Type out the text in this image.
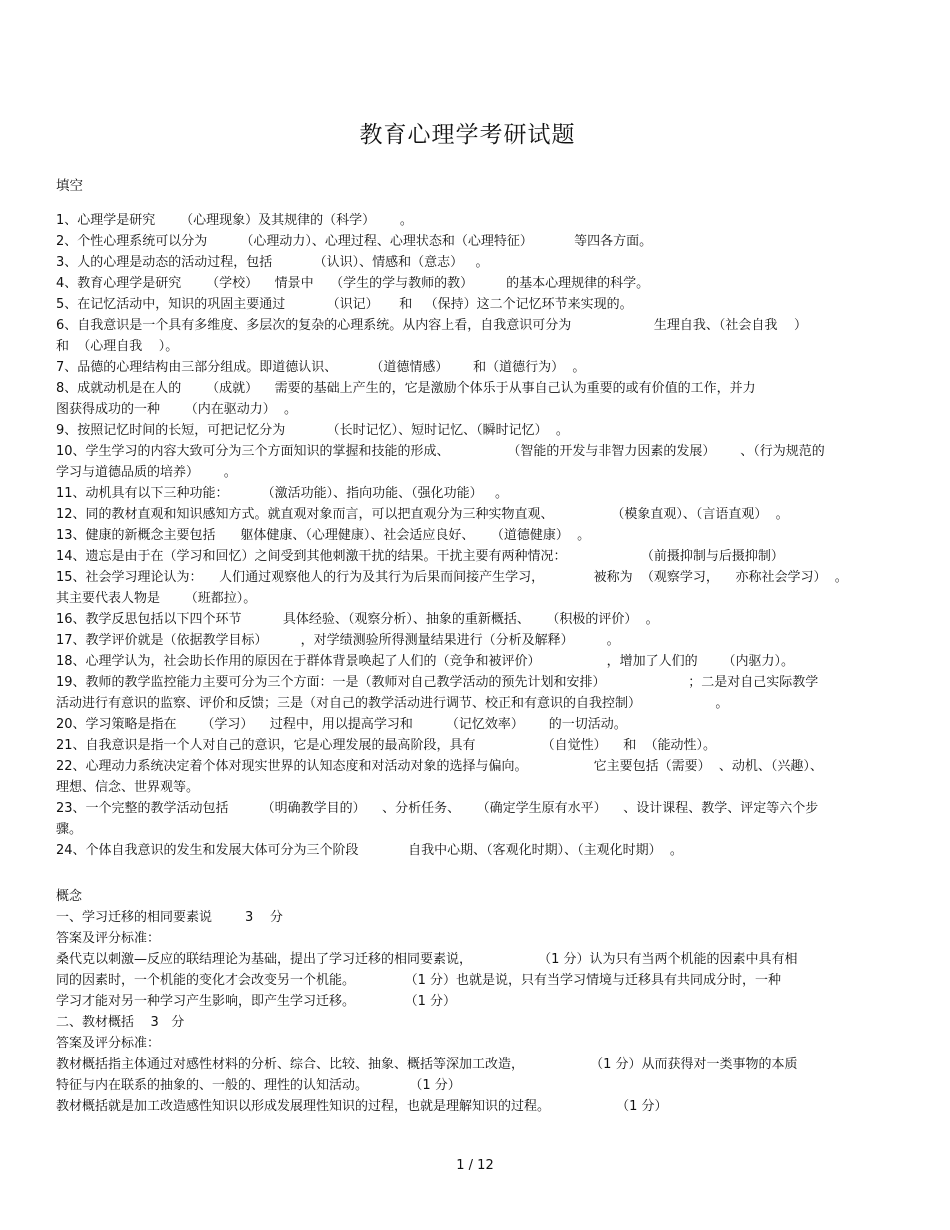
教育心理学考研试题
填空

1、心理学是研究      （心理现象）及其规律的（科学）      。

2、个性心理系统可以分为        （心理动力）、心理过程、心理状态和（心理特征）          等四各方面。

3、人的心理是动态的活动过程，包括          （认识）、情感和（意志）   。

4、教育心理学是研究      （学校）    情景中    （学生的学与教师的教）        的基本心理规律的科学。

5、在记忆活动中，知识的巩固主要通过          （识记）     和   （保持）这二个记忆环节来实现的。

6、自我意识是一个具有多维度、多层次的复杂的心理系统。从内容上看，自我意识可分为                    生理自我、（社会自我    ）
和  （心理自我    ）。

7、品德的心理结构由三部分组成。即道德认识、        （道德情感）      和（道德行为）  。

8、成就动机是在人的      （成就）    需要的基础上产生的，它是激励个体乐于从事自己认为重要的或有价值的工作，并力
图获得成功的一种      （内在驱动力）  。

9、按照记忆时间的长短，可把记忆分为          （长时记忆）、短时记忆、（瞬时记忆）  。

10、学生学习的内容大致可分为三个方面知识的掌握和技能的形成、              （智能的开发与非智力因素的发展）      、（行为规范的
学习与道德品质的培养）      。

11、动机具有以下三种功能：        （激活功能）、指向功能、（强化功能）   。

12、同的教材直观和知识感知方式。就直观对象而言，可以把直观分为三种实物直观、              （模象直观）、（言语直观）  。

13、健康的新概念主要包括      躯体健康、（心理健康）、社会适应良好、    （道德健康）  。

14、遗忘是由于在（学习和回忆）之间受到其他刺激干扰的结果。干扰主要有两种情况：                  （前摄抑制与后摄抑制）

15、社会学习理论认为：    人们通过观察他人的行为及其行为后果而间接产生学习，            被称为  （观察学习，    亦称社会学习）  。
其主要代表人物是      （班都拉）。

16、教学反思包括以下四个环节          具体经验、（观察分析）、抽象的重新概括、    （积极的评价）  。

17、教学评价就是（依据教学目标）        ，对学绩测验所得测量结果进行（分析及解释）        。

18、心理学认为，社会助长作用的原因在于群体背景唤起了人们的（竞争和被评价）                ，增加了人们的      （内驱力）。

19、教师的教学监控能力主要可分为三个方面：一是（教师对自己教学活动的预先计划和安排）                    ；二是对自己实际教学
活动进行有意识的监察、评价和反馈；三是（对自己的教学活动进行调节、校正和有意识的自我控制）                  。

20、学习策略是指在      （学习）    过程中，用以提高学习和        （记忆效率）      的一切活动。

21、自我意识是指一个人对自己的意识，它是心理发展的最高阶段，具有                （自觉性）    和  （能动性）。

22、心理动力系统决定着个体对现实世界的认知态度和对活动对象的选择与偏向。                它主要包括（需要）  、动机、（兴趣）、
理想、信念、世界观等。

23、一个完整的教学活动包括        （明确教学目的）    、分析任务、    （确定学生原有水平）    、设计课程、教学、评定等六个步
骤。

24、个体自我意识的发生和发展大体可分为三个阶段            自我中心期、（客观化时期）、（主观化时期）  。

概念

一、学习迁移的相同要素说        3    分

答案及评分标准：

桑代克以刺激—反应的联结理论为基础，提出了学习迁移的相同要素说，                （1 分）认为只有当两个机能的因素中具有相

同的因素时，一个机能的变化才会改变另一个机能。            （1 分）也就是说，只有当学习情境与迁移具有共同成分时，一种

学习才能对另一种学习产生影响，即产生学习迁移。            （1 分）

二、教材概括    3   分

答案及评分标准：

教材概括指主体通过对感性材料的分析、综合、比较、抽象、概括等深加工改造，                （1 分）从而获得对一类事物的本质

特征与内在联系的抽象的、一般的、理性的认知活动。          （1 分）

教材概括就是加工改造感性知识以形成发展理性知识的过程，也就是理解知识的过程。                （1 分）

1 / 12
